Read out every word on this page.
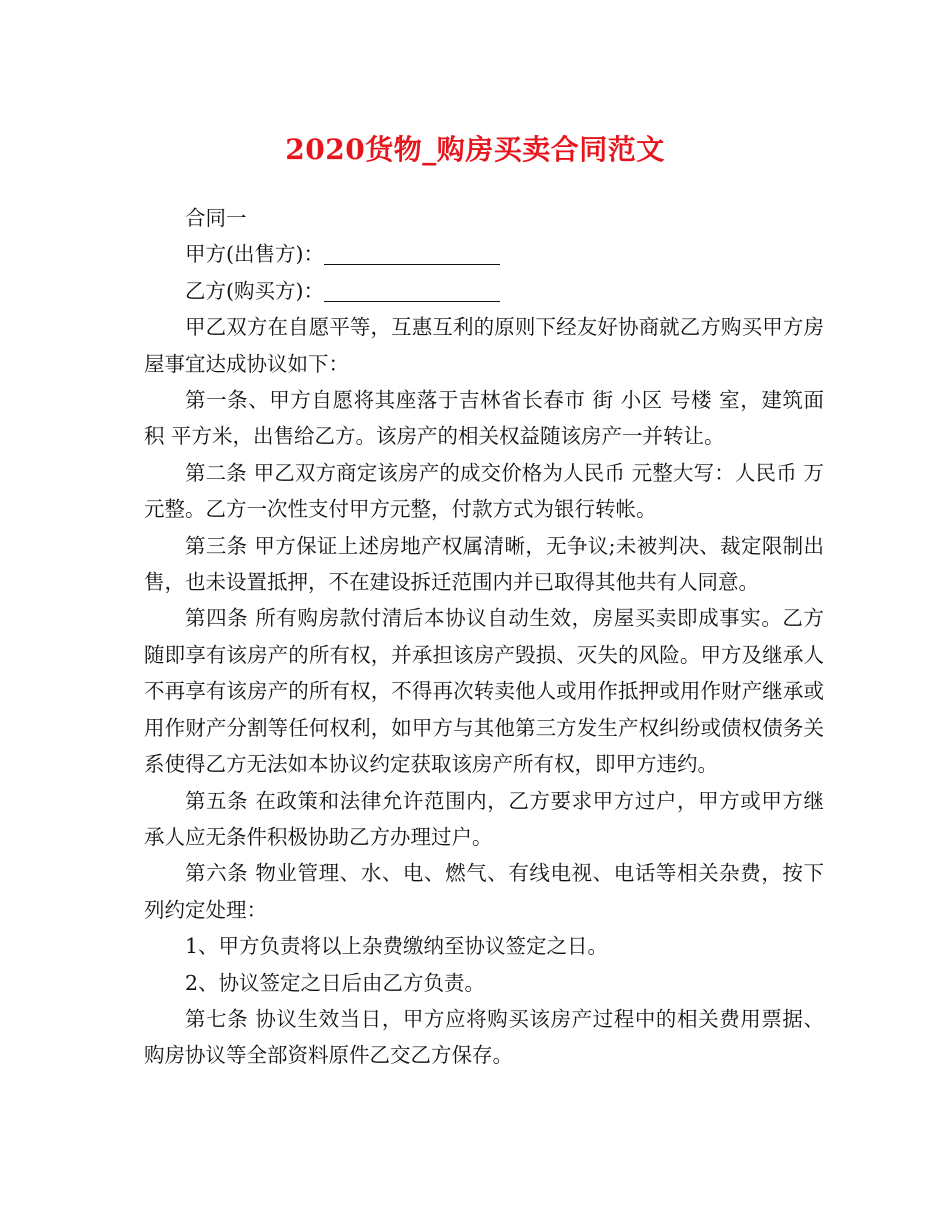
2020货物_购房买卖合同范文

合同一

甲方(出售方)：

乙方(购买方)：

甲乙双方在自愿平等，互惠互利的原则下经友好协商就乙方购买甲方房屋事宜达成协议如下：

第一条、甲方自愿将其座落于吉林省长春市 街 小区 号楼 室，建筑面积 平方米，出售给乙方。该房产的相关权益随该房产一并转让。

第二条 甲乙双方商定该房产的成交价格为人民币 元整大写：人民币 万元整。乙方一次性支付甲方元整，付款方式为银行转帐。

第三条 甲方保证上述房地产权属清晰，无争议;未被判决、裁定限制出售，也未设置抵押，不在建设拆迁范围内并已取得其他共有人同意。

第四条 所有购房款付清后本协议自动生效，房屋买卖即成事实。乙方随即享有该房产的所有权，并承担该房产毁损、灭失的风险。甲方及继承人不再享有该房产的所有权，不得再次转卖他人或用作抵押或用作财产继承或用作财产分割等任何权利，如甲方与其他第三方发生产权纠纷或债权债务关系使得乙方无法如本协议约定获取该房产所有权，即甲方违约。

第五条 在政策和法律允许范围内，乙方要求甲方过户，甲方或甲方继承人应无条件积极协助乙方办理过户。

第六条 物业管理、水、电、燃气、有线电视、电话等相关杂费，按下列约定处理：

1、甲方负责将以上杂费缴纳至协议签定之日。

2、协议签定之日后由乙方负责。

第七条 协议生效当日，甲方应将购买该房产过程中的相关费用票据、购房协议等全部资料原件乙交乙方保存。
